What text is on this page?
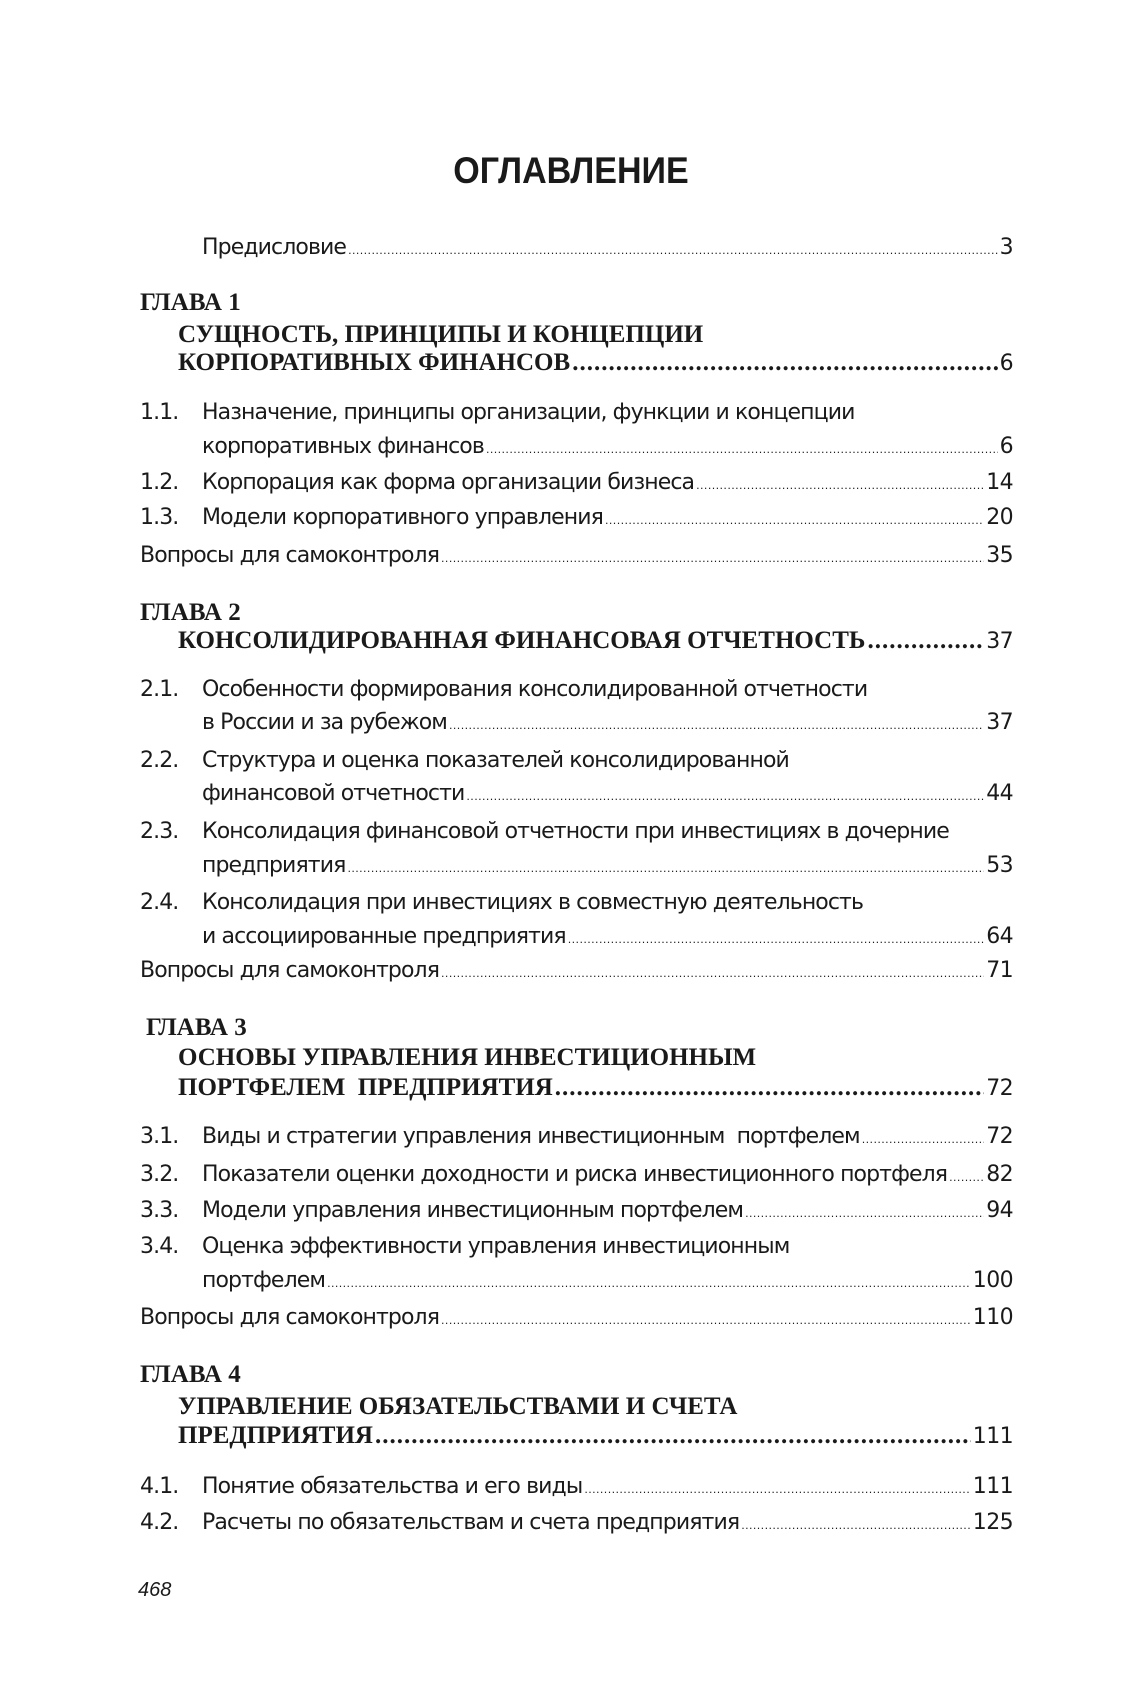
ОГЛАВЛЕНИЕ
Предисловие .....	3
ГЛАВА 1
СУЩНОСТЬ, ПРИНЦИПЫ И КОНЦЕПЦИИ
КОРПОРАТИВНЫХ ФИНАНСОВ .....	6
1.1. Назначение, принципы организации, функции и концепции
корпоративных финансов .....	6
1.2. Корпорация как форма организации бизнеса .....	14
1.3. Модели корпоративного управления .....	20
Вопросы для самоконтроля .....	35
ГЛАВА 2
КОНСОЛИДИРОВАННАЯ ФИНАНСОВАЯ ОТЧЕТНОСТЬ .....	37
2.1. Особенности формирования консолидированной отчетности
в России и за рубежом .....	37
2.2. Структура и оценка показателей консолидированной
финансовой отчетности .....	44
2.3. Консолидация финансовой отчетности при инвестициях в дочерние
предприятия .....	53
2.4. Консолидация при инвестициях в совместную деятельность
и ассоциированные предприятия .....	64
Вопросы для самоконтроля .....	71
ГЛАВА 3
ОСНОВЫ УПРАВЛЕНИЯ ИНВЕСТИЦИОННЫМ
ПОРТФЕЛЕМ  ПРЕДПРИЯТИЯ .....	72
3.1. Виды и стратегии управления инвестиционным  портфелем .....	72
3.2. Показатели оценки доходности и риска инвестиционного портфеля ..... 82
3.3. Модели управления инвестиционным портфелем .....	94
3.4. Оценка эффективности управления инвестиционным
портфелем .....	100
Вопросы для самоконтроля .....	110
ГЛАВА 4
УПРАВЛЕНИЕ ОБЯЗАТЕЛЬСТВАМИ И СЧЕТА
ПРЕДПРИЯТИЯ .....	111
4.1. Понятие обязательства и его виды .....	111
4.2. Расчеты по обязательствам и счета предприятия .....	125
468
